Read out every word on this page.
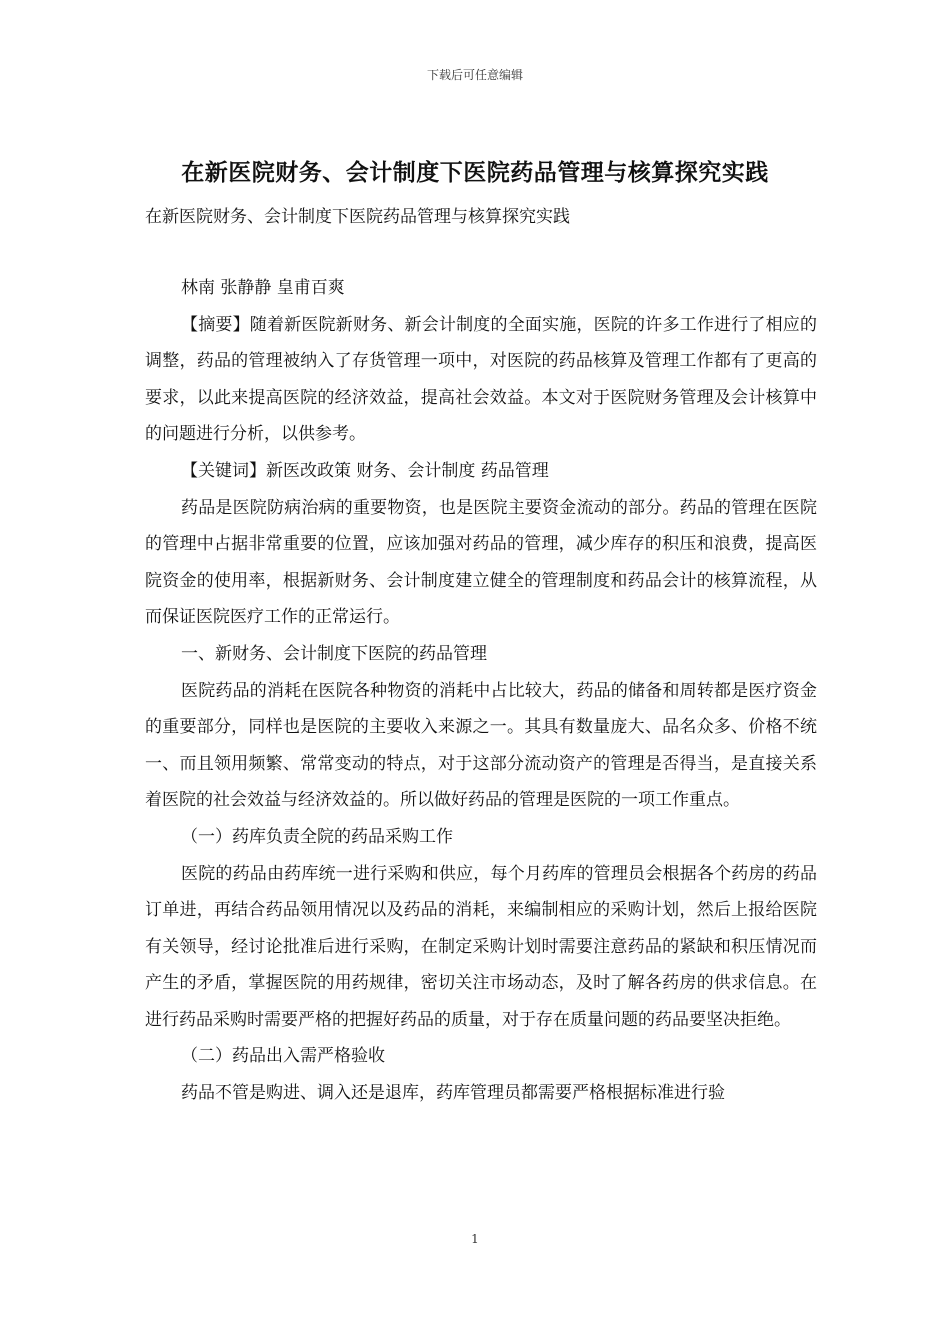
下载后可任意编辑
在新医院财务、会计制度下医院药品管理与核算探究实践
在新医院财务、会计制度下医院药品管理与核算探究实践

林南 张静静 皇甫百爽

【摘要】随着新医院新财务、新会计制度的全面实施，医院的许多工作进行了相应的调整，药品的管理被纳入了存货管理一项中，对医院的药品核算及管理工作都有了更高的要求，以此来提高医院的经济效益，提高社会效益。本文对于医院财务管理及会计核算中的问题进行分析，以供参考。

【关键词】新医改政策 财务、会计制度 药品管理

药品是医院防病治病的重要物资，也是医院主要资金流动的部分。药品的管理在医院的管理中占据非常重要的位置，应该加强对药品的管理，减少库存的积压和浪费，提高医院资金的使用率，根据新财务、会计制度建立健全的管理制度和药品会计的核算流程，从而保证医院医疗工作的正常运行。

一、新财务、会计制度下医院的药品管理

医院药品的消耗在医院各种物资的消耗中占比较大，药品的储备和周转都是医疗资金的重要部分，同样也是医院的主要收入来源之一。其具有数量庞大、品名众多、价格不统一、而且领用频繁、常常变动的特点，对于这部分流动资产的管理是否得当，是直接关系着医院的社会效益与经济效益的。所以做好药品的管理是医院的一项工作重点。

（一）药库负责全院的药品采购工作

医院的药品由药库统一进行采购和供应，每个月药库的管理员会根据各个药房的药品订单进，再结合药品领用情况以及药品的消耗，来编制相应的采购计划，然后上报给医院有关领导，经讨论批准后进行采购，在制定采购计划时需要注意药品的紧缺和积压情况而产生的矛盾，掌握医院的用药规律，密切关注市场动态，及时了解各药房的供求信息。在进行药品采购时需要严格的把握好药品的质量，对于存在质量问题的药品要坚决拒绝。

（二）药品出入需严格验收

药品不管是购进、调入还是退库，药库管理员都需要严格根据标准进行验

1
